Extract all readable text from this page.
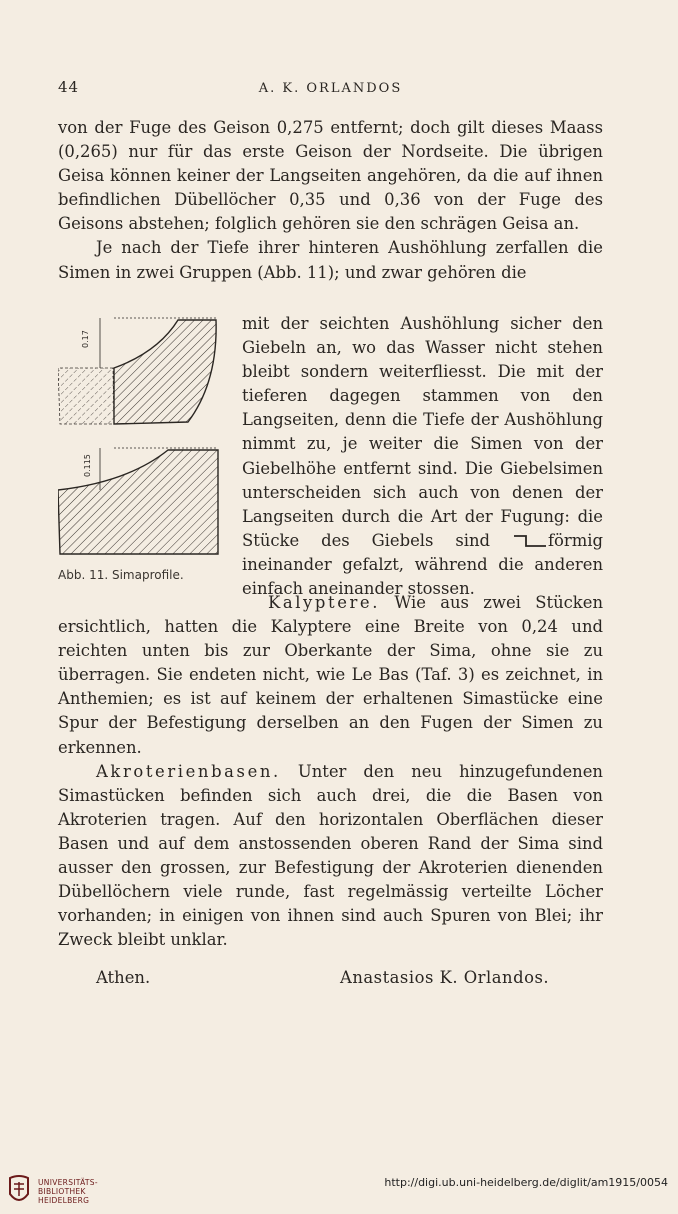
44	A. K. ORLANDOS

von der Fuge des Geison 0,275 entfernt; doch gilt dieses Maass (0,265) nur für das erste Geison der Nordseite. Die übrigen Geisa können keiner der Langseiten angehören, da die auf ihnen befindlichen Dübellöcher 0,35 und 0,36 von der Fuge des Geisons abstehen; folglich gehören sie den schrägen Geisa an.

Je nach der Tiefe ihrer hinteren Aushöhlung zerfallen die Simen in zwei Gruppen (Abb. 11); und zwar gehören die

0.17
0.115
Abb. 11. Simaprofile.
mit der seichten Aushöhlung sicher den Giebeln an, wo das Wasser nicht stehen bleibt sondern weiterfliesst. Die mit der tieferen dagegen stammen von den Langseiten, denn die Tiefe der Aushöhlung nimmt zu, je weiter die Simen von der Giebelhöhe entfernt sind. Die Giebelsimen unterscheiden sich auch von denen der Langseiten durch die Art der Fugung: die Stücke des Giebels sind	förmig ineinander gefalzt, während die anderen einfach aneinander stossen.

Kalyptere. Wie aus zwei Stücken ersichtlich, hatten die Kalyptere eine Breite von 0,24 und reichten unten bis zur Oberkante der Sima, ohne sie zu überragen. Sie endeten nicht, wie Le Bas (Taf. 3) es zeichnet, in Anthemien; es ist auf keinem der erhaltenen Simastücke eine Spur der Befestigung derselben an den Fugen der Simen zu erkennen.

Akroterienbasen. Unter den neu hinzugefundenen Simastücken befinden sich auch drei, die die Basen von Akroterien tragen. Auf den horizontalen Oberflächen dieser Basen und auf dem anstossenden oberen Rand der Sima sind ausser den grossen, zur Befestigung der Akroterien dienenden Dübellöchern viele runde, fast regelmässig verteilte Löcher vorhanden; in einigen von ihnen sind auch Spuren von Blei; ihr Zweck bleibt unklar.

Athen.	Anastasios K. Orlandos.
UNIVERSITÄTS-
BIBLIOTHEK
HEIDELBERG
http://digi.ub.uni-heidelberg.de/diglit/am1915/0054
